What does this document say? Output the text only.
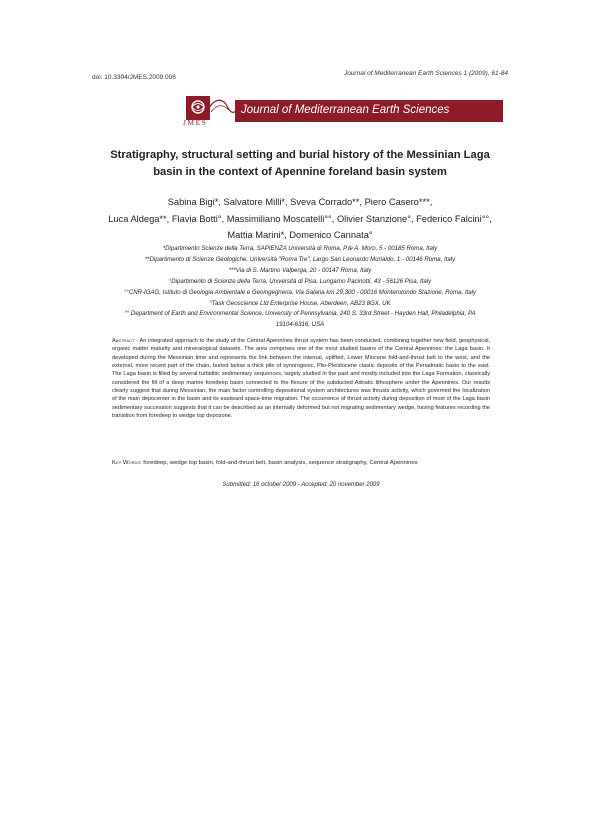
doi: 10.3304/JMES.2009.006
Journal of Mediterranean Earth Sciences 1 (2009), 61-84
JMES
Journal of Mediterranean Earth Sciences
Stratigraphy, structural setting and burial history of the Messinian Laga
basin in the context of Apennine foreland basin system
Sabina Bigi*, Salvatore Milli*, Sveva Corrado**, Piero Casero***,
Luca Aldega**, Flavia Botti°, Massimiliano Moscatelli°°, Olivier Stanzione°, Federico Falcini°°,
Mattia Marini*, Domenico Cannata°
*Dipartimento Scienze della Terra, SAPIENZA Università di Roma, P.le A. Moro, 5 - 00185 Roma, Italy
**Dipartimento di Scienze Geologiche, Università "Roma Tre", Largo San Leonardo Murialdo, 1 - 00146 Roma, Italy
***Via di S. Martino Valperga, 20 - 00147 Roma, Italy
°Dipartimento di Scienze della Terra, Università di Pisa, Lungarno Pacinotti, 43 - 56126 Pisa, Italy
°°CNR-IGAG, Istituto di Geologia Ambientale e Geoingegneria, Via Salaria km 29,300 - 00016 Monterotondo Stazione, Roma, Italy
°Task Geoscience Ltd Enterprise House, Aberdeen, AB23 8GX, UK
°° Department of Earth and Environmental Science, University of Pennsylvania, 240 S. 33rd Street - Hayden Hall, Philadelphia, PA
19104-6316, USA
Abstract - An integrated approach to the study of the Central Apennines thrust system has been conducted, combining together new field, geophysical, organic matter maturity and mineralogical datasets. The area comprises one of the most studied basins of the Central Apennines: the Laga basin. It developed during the Messinian time and represents the link between the internal, uplifted, Lower Miocene fold-and-thrust belt to the west, and the external, more recent part of the chain, buried below a thick pile of synorogenic, Plio-Pleistocene clastic deposits of the Periadriatic basin to the east. The Laga basin is filled by several turbiditic sedimentary sequences, largely studied in the past and mostly included into the Laga Formation, classically considered the fill of a deep marine foredeep basin connected to the flexure of the subducted Adriatic lithosphere under the Apennines. Our results clearly suggest that during Messinian, the main factor controlling depositional system architectures was thrusts activity, which governed the localization of the main depocenter in the basin and its eastward space-time migration. The occurrence of thrust activity during deposition of most of the Laga basin sedimentary succession suggests that it can be described as an internally deformed but not migrating sedimentary wedge, having features recording the transition from foredeep to wedge top depozone.
Key Words: foredeep, wedge top basin, fold-and-thrust belt, basin analysis, sequence stratigraphy, Central Apennines
Submitted: 16 october 2009 - Accepted: 20 november 2009
